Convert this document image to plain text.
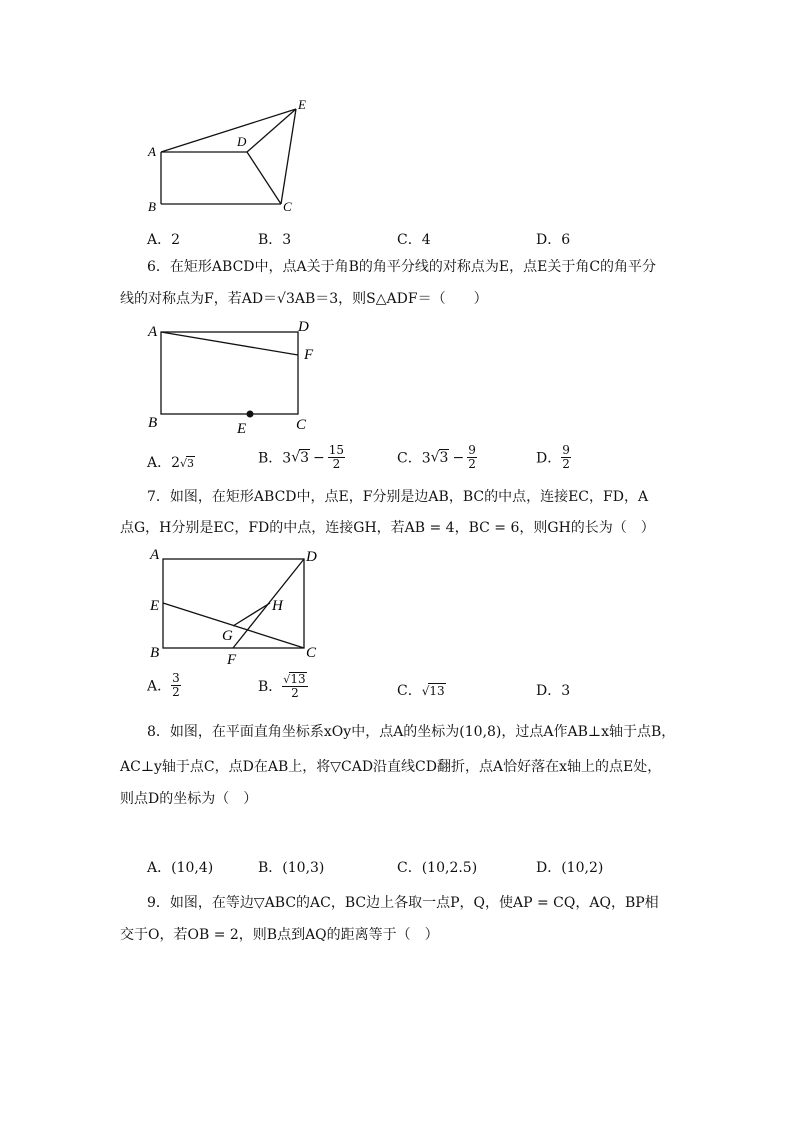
A
B	C
D
E
A．2	B．3	C．4	D．6
6．在矩形ABCD中，点A关于角B的角平分线的对称点为E，点E关于角C的角平分
线的对称点为F，若AD＝√3AB＝3，则S△ADF＝（　　）
A	D
F
B	E	C
A．2√3	B．$3√3 - \frac{15}{2}$	C．$3√3 - \frac{9}{2}$	D． $\frac{9}{2}$
7．如图，在矩形ABCD中，点E，F分别是边AB，BC的中点，连接EC，FD，A
点G，H分别是EC，FD的中点，连接GH，若AB = 4，BC = 6，则GH的长为（　）
A	D
E	H
G
B	F	C
A． $\frac{3}{2}$	B． $\frac{√13}{2}$	C．√13	D．3
8．如图，在平面直角坐标系xOy中，点A的坐标为(10,8)，过点A作AB⊥x轴于点B，
AC⊥y轴于点C，点D在AB上，将▽CAD沿直线CD翻折，点A恰好落在x轴上的点E处，
则点D的坐标为（　）
A．(10,4)	B．(10,3)	C．(10,2.5)	D．(10,2)
9．如图，在等边▽ABC的AC，BC边上各取一点P，Q，使AP = CQ，AQ，BP相
交于O，若OB = 2，则B点到AQ的距离等于（　）
